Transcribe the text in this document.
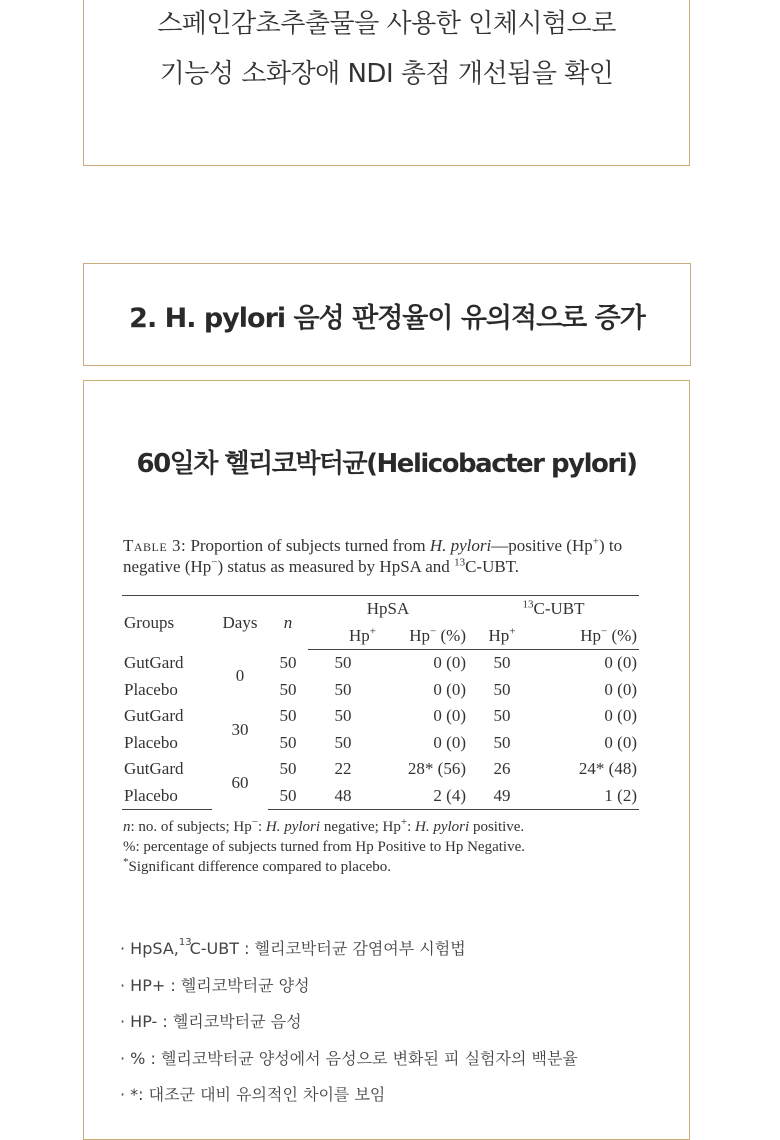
스페인감초추출물을 사용한 인체시험으로
기능성 소화장애 NDI 총점 개선됨을 확인
2. H. pylori 음성 판정율이 유의적으로 증가
60일차 헬리코박터균(Helicobacter pylori)
Table 3: Proportion of subjects turned from H. pylori—positive (Hp+) to negative (Hp−) status as measured by HpSA and $^{13}$C-UBT.
Groups	Days	n	HpSA		$^{13}$C-UBT	
			Hp+	Hp− (%)	Hp+	Hp− (%)
GutGard	0	50	50	0 (0)	50	0 (0)
Placebo		50	50	0 (0)	50	0 (0)
GutGard	30	50	50	0 (0)	50	0 (0)
Placebo		50	50	0 (0)	50	0 (0)
GutGard	60	50	22	28* (56)	26	24* (48)
Placebo		50	48	2 (4)	49	1 (2)
n: no. of subjects; Hp−: H. pylori negative; Hp+: H. pylori positive.
%: percentage of subjects turned from Hp Positive to Hp Negative.
*Significant difference compared to placebo.
· HpSA,$^{13}$C-UBT : 헬리코박터균 감염여부 시험법
· HP+ : 헬리코박터균 양성
· HP- : 헬리코박터균 음성
· % : 헬리코박터균 양성에서 음성으로 변화된 피 실험자의 백분율
· *: 대조군 대비 유의적인 차이를 보임
